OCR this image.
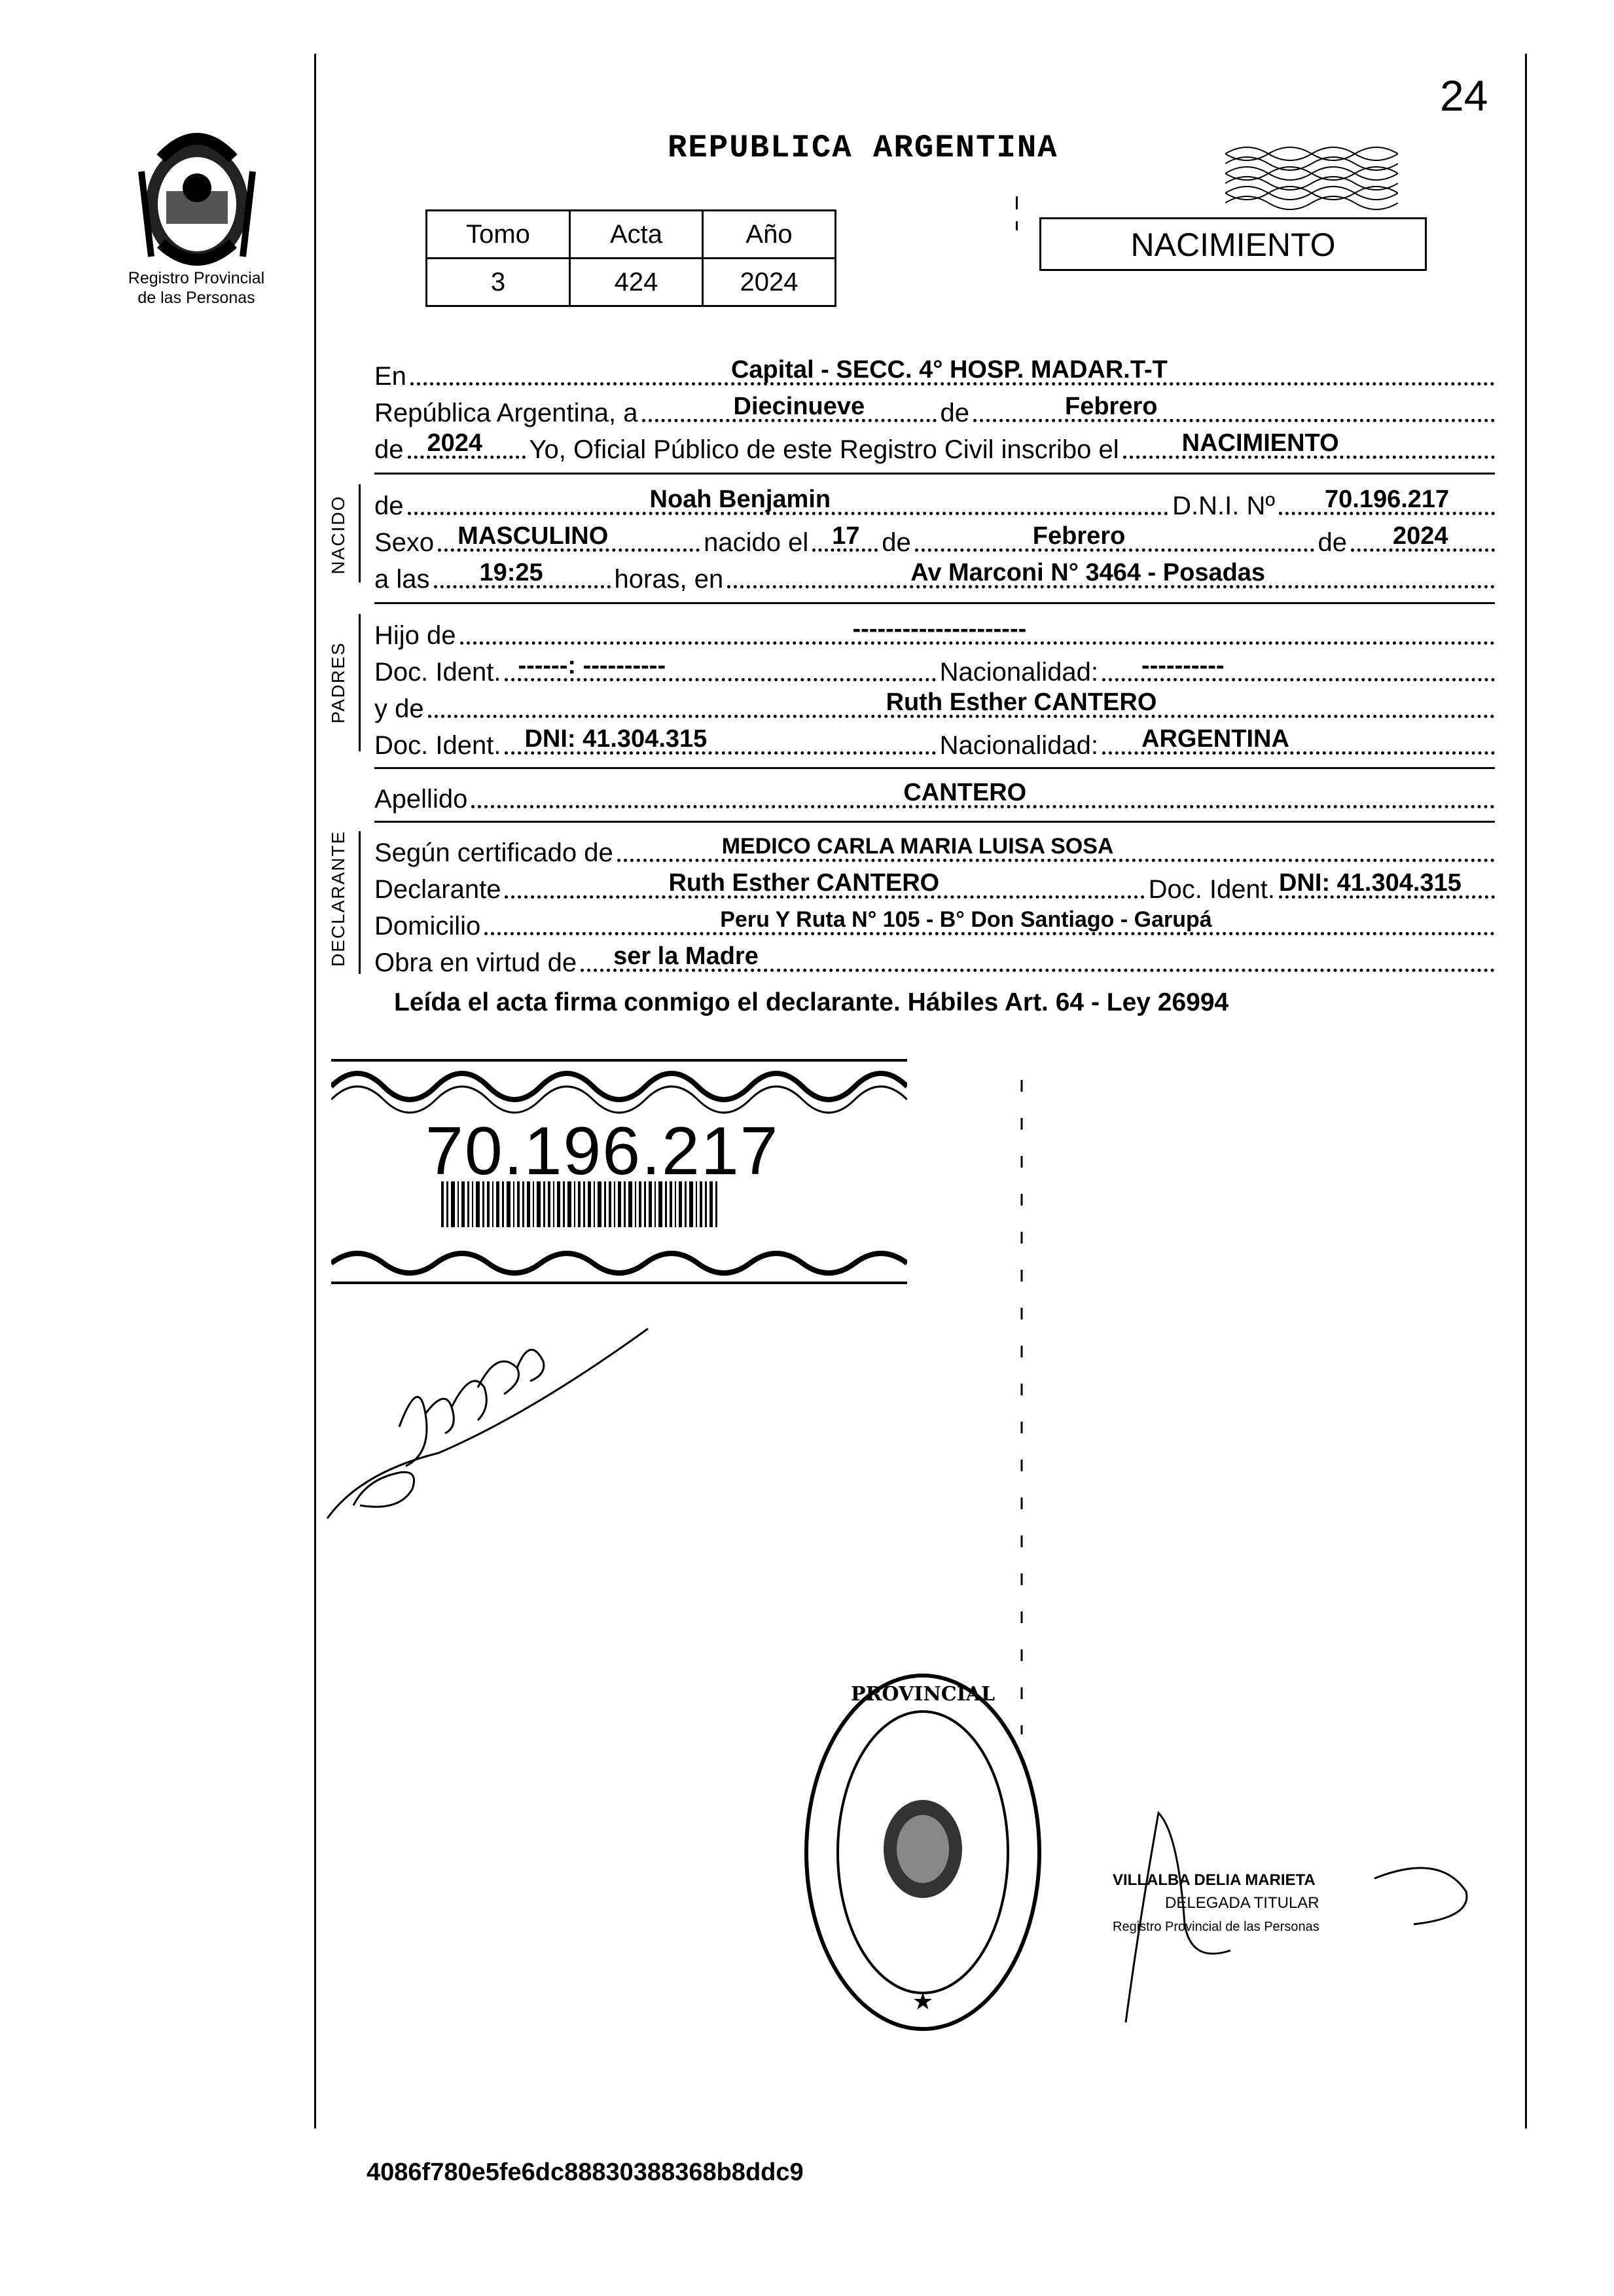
Registro Provincial
de las Personas
24
REPUBLICA ARGENTINA
Tomo	Acta	Año
3	424	2024
NACIMIENTO
En	Capital - SECC. 4° HOSP. MADAR.T-T
República Argentina, a	Diecinueve	de	Febrero
de 2024 Yo, Oficial Público de este Registro Civil inscribo el	NACIMIENTO
NACIDO de	Noah Benjamin	D.N.I. Nº 70.196.217
Sexo MASCULINO	nacido el 17 de	Febrero	de 2024
a las 19:25	horas, en	Av Marconi N° 3464 - Posadas
PADRES
Hijo de	---------------------
Doc. Ident. ------: ----------	Nacionalidad: ----------
y de	Ruth Esther CANTERO
Doc. Ident. DNI: 41.304.315	Nacionalidad: ARGENTINA
Apellido	CANTERO
DECLARANTE Según certificado de	MEDICO CARLA MARIA LUISA SOSA
Declarante	Ruth Esther CANTERO	Doc. Ident. DNI: 41.304.315
Domicilio	Peru Y Ruta N° 105 - B° Don Santiago - Garupá
Obra en virtud de ser la Madre
Leída el acta firma conmigo el declarante. Hábiles Art. 64 - Ley 26994
70.196.217
PROVINCIAL
★
VILLALBA DELIA MARIETA
DELEGADA TITULAR
Registro Provincial de las Personas
4086f780e5fe6dc88830388368b8ddc9
